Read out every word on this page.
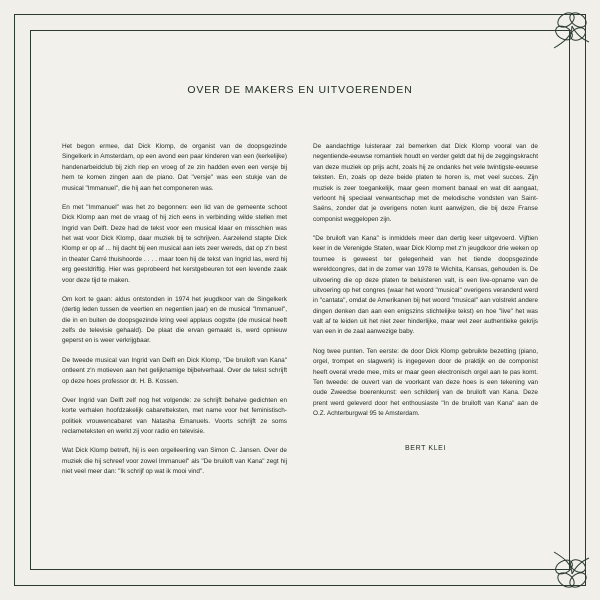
OVER DE MAKERS EN UITVOERENDEN

Het begon ermee, dat Dick Klomp, de organist van de doopsgezinde Singelkerk in Amsterdam, op een avond een paar kinderen van een (kerkelijke) handenarbeidclub bij zich riep en vroeg of ze zin hadden even een versje bij hem te komen zingen aan de piano. Dat "versje" was een stukje van de musical "Immanuel", die hij aan het componeren was.

En met "Immanuel" was het zo begonnen: een lid van de gemeente schoot Dick Klomp aan met de vraag of hij zich eens in verbinding wilde stellen met Ingrid van Delft. Deze had de tekst voor een musical klaar en misschien was het wat voor Dick Klomp, daar muziek bij te schrijven. Aarzelend stapte Dick Klomp er op af ... hij dacht bij een musical aan iets zeer wereds, dat op z'n best in theater Carré thuishoorde . . . . maar toen hij de tekst van Ingrid las, werd hij erg geestdriftig. Hier was geprobeerd het kerstgebeuren tot een levende zaak voor deze tijd te maken.

Om kort te gaan: aldus ontstonden in 1974 het jeugdkoor van de Singelkerk (dertig leden tussen de veertien en negentien jaar) en de musical "Immanuel", die in en buiten de doopsgezinde kring veel applaus oogstte (de musical heeft zelfs de televisie gehaald). De plaat die ervan gemaakt is, werd opnieuw geperst en is weer verkrijgbaar.

De tweede musical van Ingrid van Delft en Dick Klomp, "De bruiloft van Kana" ontleent z'n motieven aan het gelijknamige bijbelverhaal. Over de tekst schrijft op deze hoes professor dr. H. B. Kossen.

Over Ingrid van Delft zelf nog het volgende: ze schrijft behalve gedichten en korte verhalen hoofdzakelijk cabaretteksten, met name voor het feministisch-politiek vrouwencabaret van Natasha Emanuels. Voorts schrijft ze soms reclameteksten en werkt zij voor radio en televisie.

Wat Dick Klomp betreft, hij is een orgelleerling van Simon C. Jansen. Over de muziek die hij schreef voor zowel Immanuel" als "De bruiloft van Kana" zegt hij niet veel meer dan: "Ik schrijf op wat ik mooi vind".

De aandachtige luisteraar zal bemerken dat Dick Klomp vooral van de negentiende-eeuwse romantiek houdt en verder geldt dat hij de zeggingskracht van deze muziek op prijs acht, zoals hij ze ondanks het vele twintigste-eeuwse teksten. En, zoals op deze beide platen te horen is, met veel succes. Zijn muziek is zeer toegankelijk, maar geen moment banaal en wat dit aangaat, verloont hij speciaal verwantschap met de melodische vondsten van Saint-Saëns, zonder dat je overigens noten kunt aanwijzen, die bij deze Franse componist weggelopen zijn.

"De bruiloft van Kana" is inmiddels meer dan dertig keer uitgevoerd. Vijftien keer in de Verenigde Staten, waar Dick Klomp met z'n jeugdkoor drie weken op tournee is geweest ter gelegenheid van het tiende doopsgezinde wereldcongres, dat in de zomer van 1978 te Wichita, Kansas, gehouden is. De uitvoering die op deze platen te beluisteren valt, is een live-opname van de uitvoering op het congres (waar het woord "musical" overigens veranderd werd in "cantata", omdat de Amerikanen bij het woord "musical" aan volstrekt andere dingen denken dan aan een enigszins stichtelijke tekst) en hoe "live" het was valt af te leiden uit het niet zeer hinderlijke, maar wel zeer authentieke gekrijs van een in de zaal aanwezige baby.

Nog twee punten. Ten eerste: de door Dick Klomp gebruikte bezetting (piano, orgel, trompet en slagwerk) is ingegeven door de praktijk en de componist heeft overal vrede mee, mits er maar geen electronisch orgel aan te pas komt. Ten tweede: de ouvert van de voorkant van deze hoes is een tekening van oude Zweedse boerenkunst: een schilderij van de bruiloft van Kana. Deze prent werd geleverd door het enthousiaste "In de bruiloft van Kana" aan de O.Z. Achterburgwal 95 te Amsterdam.

BERT KLEI
